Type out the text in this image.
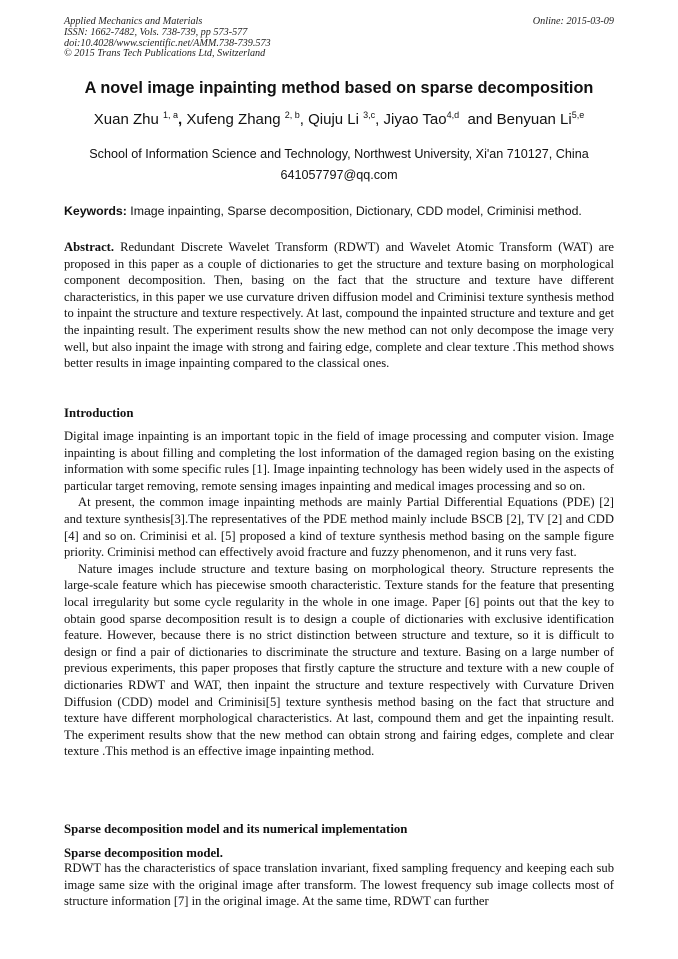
Applied Mechanics and Materials
ISSN: 1662-7482, Vols. 738-739, pp 573-577
doi:10.4028/www.scientific.net/AMM.738-739.573
© 2015 Trans Tech Publications Ltd, Switzerland
Online: 2015-03-09
A novel image inpainting method based on sparse decomposition
Xuan Zhu $^{1, a}$, Xufeng Zhang $^{2, b}$, Qiuju Li $^{3,c}$, Jiyao Tao$^{4,d}$  and Benyuan Li$^{5,e}$
School of Information Science and Technology, Northwest University, Xi'an 710127, China
641057797@qq.com
Keywords: Image inpainting, Sparse decomposition, Dictionary, CDD model, Criminisi method.

Abstract. Redundant Discrete Wavelet Transform (RDWT) and Wavelet Atomic Transform (WAT) are proposed in this paper as a couple of dictionaries to get the structure and texture basing on morphological component decomposition. Then, basing on the fact that the structure and texture have different characteristics, in this paper we use curvature driven diffusion model and Criminisi texture synthesis method to inpaint the structure and texture respectively. At last, compound the inpainted structure and texture and get the inpainting result. The experiment results show the new method can not only decompose the image very well, but also inpaint the image with strong and fairing edge, complete and clear texture .This method shows better results in image inpainting compared to the classical ones.

Introduction

Digital image inpainting is an important topic in the field of image processing and computer vision. Image inpainting is about filling and completing the lost information of the damaged region basing on the existing information with some specific rules [1]. Image inpainting technology has been widely used in the aspects of particular target removing, remote sensing images inpainting and medical images processing and so on.

At present, the common image inpainting methods are mainly Partial Differential Equations (PDE) [2] and texture synthesis[3].The representatives of the PDE method mainly include BSCB [2], TV [2] and CDD [4] and so on. Criminisi et al. [5] proposed a kind of texture synthesis method basing on the sample figure priority. Criminisi method can effectively avoid fracture and fuzzy phenomenon, and it runs very fast.

Nature images include structure and texture basing on morphological theory. Structure represents the large-scale feature which has piecewise smooth characteristic. Texture stands for the feature that presenting local irregularity but some cycle regularity in the whole in one image. Paper [6] points out that the key to obtain good sparse decomposition result is to design a couple of dictionaries with exclusive identification feature. However, because there is no strict distinction between structure and texture, so it is difficult to design or find a pair of dictionaries to discriminate the structure and texture. Basing on a large number of previous experiments, this paper proposes that firstly capture the structure and texture with a new couple of dictionaries RDWT and WAT, then inpaint the structure and texture respectively with Curvature Driven Diffusion (CDD) model and Criminisi[5] texture synthesis method basing on the fact that structure and texture have different morphological characteristics. At last, compound them and get the inpainting result. The experiment results show that the new method can obtain strong and fairing edges, complete and clear texture .This method is an effective image inpainting method.

Sparse decomposition model and its numerical implementation
Sparse decomposition model.

RDWT has the characteristics of space translation invariant, fixed sampling frequency and keeping each sub image same size with the original image after transform. The lowest frequency sub image collects most of structure information [7] in the original image. At the same time, RDWT can further
